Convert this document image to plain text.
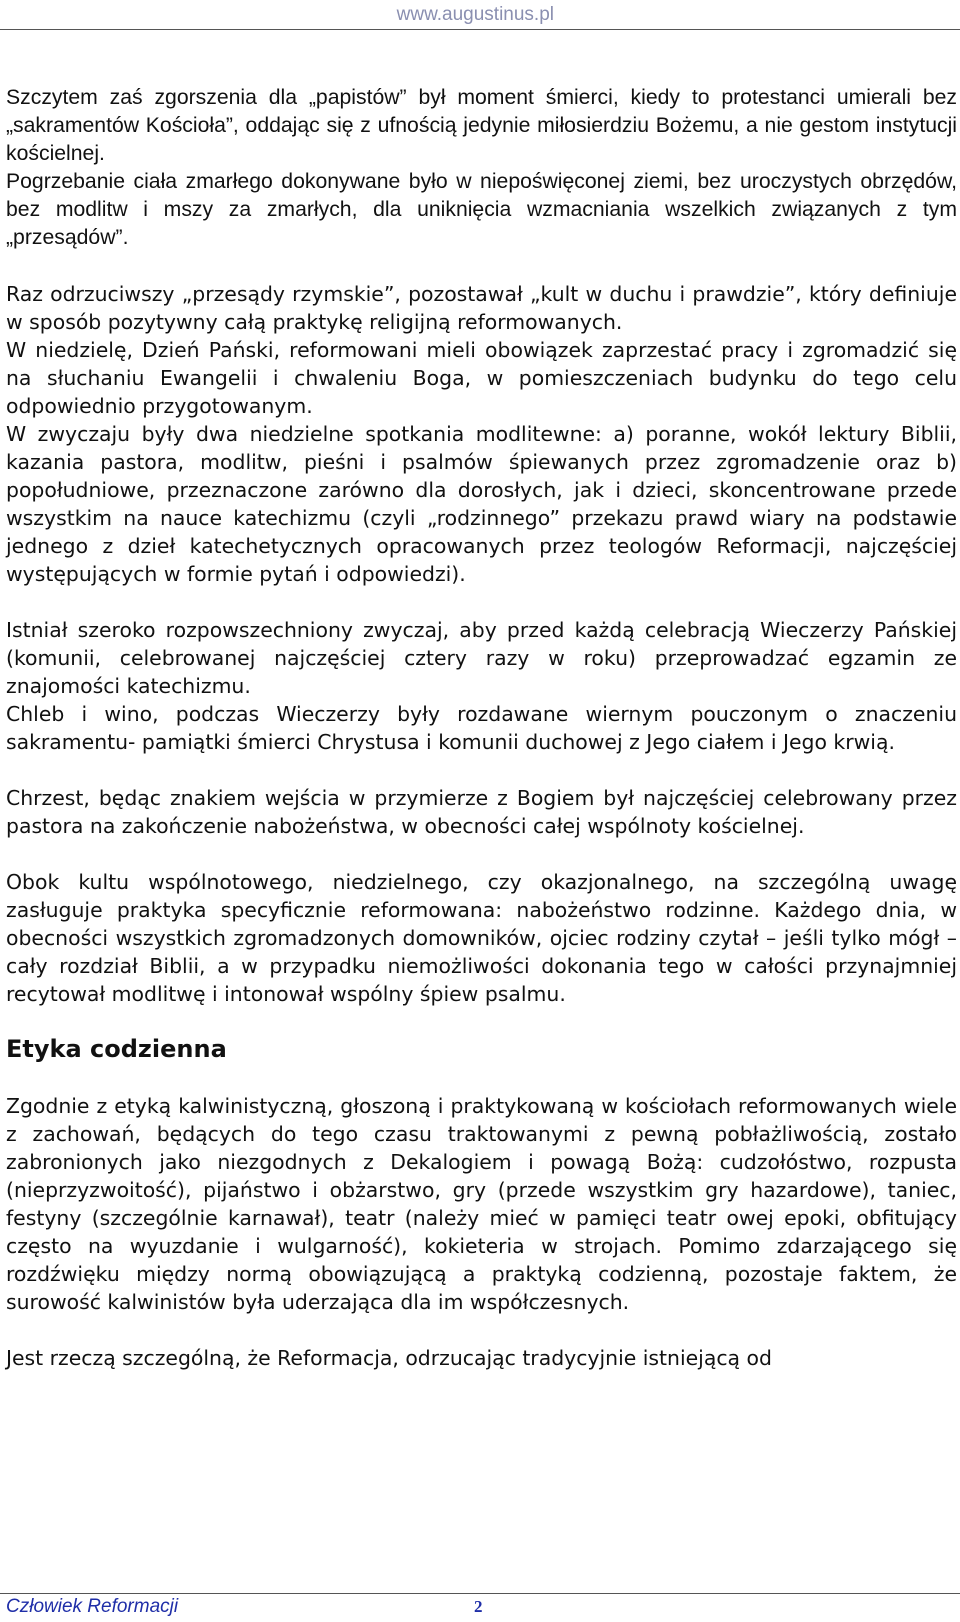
www.augustinus.pl

Szczytem zaś zgorszenia dla „papistów” był moment śmierci, kiedy to protestanci umierali bez „sakramentów Kościoła”, oddając się z ufnością jedynie miłosierdziu Bożemu, a nie gestom instytucji kościelnej.

Pogrzebanie ciała zmarłego dokonywane było w niepoświęconej ziemi, bez uroczystych obrzędów, bez modlitw i mszy za zmarłych, dla uniknięcia wzmacniania wszelkich związanych z tym „przesądów”.

Raz odrzuciwszy „przesądy rzymskie”, pozostawał „kult w duchu i prawdzie”, który definiuje w sposób pozytywny całą praktykę religijną reformowanych.

W niedzielę, Dzień Pański, reformowani mieli obowiązek zaprzestać pracy i zgromadzić się na słuchaniu Ewangelii i chwaleniu Boga, w pomieszczeniach budynku do tego celu odpowiednio przygotowanym.

W zwyczaju były dwa niedzielne spotkania modlitewne: a) poranne, wokół lektury Biblii, kazania pastora, modlitw, pieśni i psalmów śpiewanych przez zgromadzenie oraz b) popołudniowe, przeznaczone zarówno dla dorosłych, jak i dzieci, skoncentrowane przede wszystkim na nauce katechizmu (czyli „rodzinnego” przekazu prawd wiary na podstawie jednego z dzieł katechetycznych opracowanych przez teologów Reformacji, najczęściej występujących w formie pytań i odpowiedzi).

Istniał szeroko rozpowszechniony zwyczaj, aby przed każdą celebracją Wieczerzy Pańskiej (komunii, celebrowanej najczęściej cztery razy w roku) przeprowadzać egzamin ze znajomości katechizmu.

Chleb i wino, podczas Wieczerzy były rozdawane wiernym pouczonym o znaczeniu sakramentu- pamiątki śmierci Chrystusa i komunii duchowej z Jego ciałem i Jego krwią.

Chrzest, będąc znakiem wejścia w przymierze z Bogiem był najczęściej celebrowany przez pastora na zakończenie nabożeństwa, w obecności całej wspólnoty kościelnej.

Obok kultu wspólnotowego, niedzielnego, czy okazjonalnego, na szczególną uwagę zasługuje praktyka specyficznie reformowana: nabożeństwo rodzinne. Każdego dnia, w obecności wszystkich zgromadzonych domowników, ojciec rodziny czytał – jeśli tylko mógł – cały rozdział Biblii, a w przypadku niemożliwości dokonania tego w całości przynajmniej recytował modlitwę i intonował wspólny śpiew psalmu.

Etyka codzienna

Zgodnie z etyką kalwinistyczną, głoszoną i praktykowaną w kościołach reformowanych wiele z zachowań, będących do tego czasu traktowanymi z pewną pobłażliwością, zostało zabronionych jako niezgodnych z Dekalogiem i powagą Bożą: cudzołóstwo, rozpusta (nieprzyzwoitość), pijaństwo i obżarstwo, gry (przede wszystkim gry hazardowe), taniec, festyny (szczególnie karnawał), teatr (należy mieć w pamięci teatr owej epoki, obfitujący często na wyuzdanie i wulgarność), kokieteria w strojach. Pomimo zdarzającego się rozdźwięku między normą obowiązującą a praktyką codzienną, pozostaje faktem, że surowość kalwinistów była uderzająca dla im współczesnych.

Jest rzeczą szczególną, że Reformacja, odrzucając tradycyjnie istniejącą od

Człowiek Reformacji	2
